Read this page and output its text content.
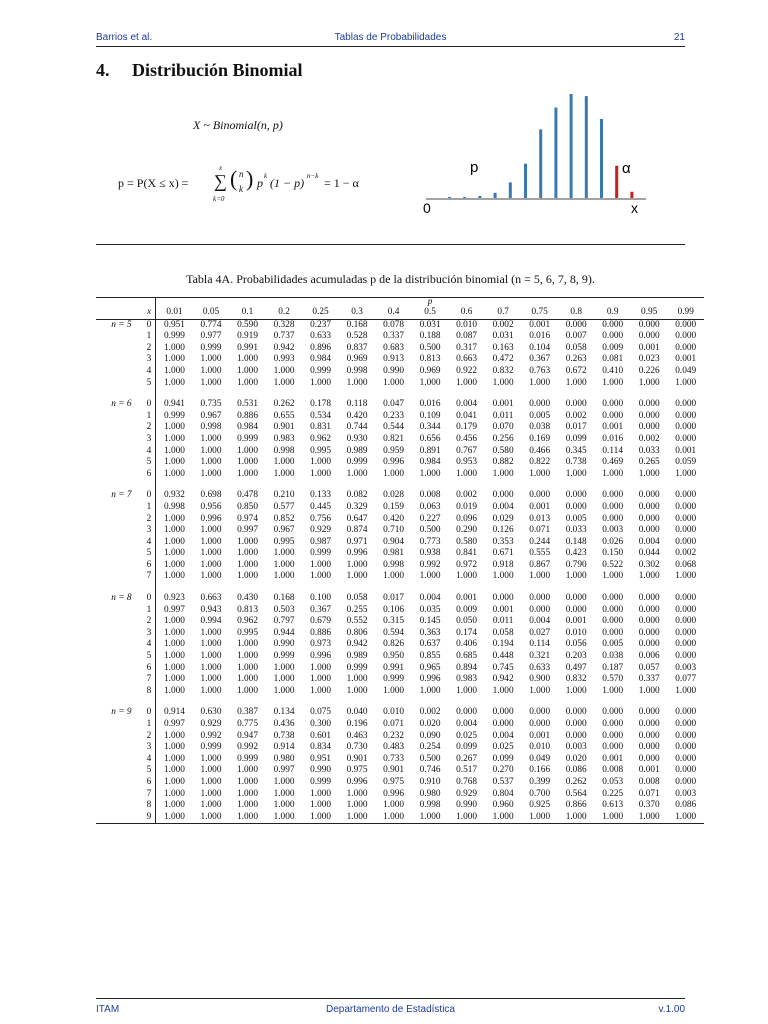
Barrios et al.	Tablas de Probabilidades	21
4. Distribución Binomial
X ~ Binomial(n, p)
p = P(X ≤ x) =
x
∑
k=0
( n
k ) p k (1 − p) n−k = 1 − α
p	α
0	x
Tabla 4A. Probabilidades acumuladas p de la distribución binomial (n = 5, 6, 7, 8, 9).
									p							
	x	0.01	0.05	0.1	0.2	0.25	0.3	0.4	0.5	0.6	0.7	0.75	0.8	0.9	0.95	0.99
n = 5	0	0.951	0.774	0.590	0.328	0.237	0.168	0.078	0.031	0.010	0.002	0.001	0.000	0.000	0.000	0.000
	1	0.999	0.977	0.919	0.737	0.633	0.528	0.337	0.188	0.087	0.031	0.016	0.007	0.000	0.000	0.000
	2	1.000	0.999	0.991	0.942	0.896	0.837	0.683	0.500	0.317	0.163	0.104	0.058	0.009	0.001	0.000
	3	1.000	1.000	1.000	0.993	0.984	0.969	0.913	0.813	0.663	0.472	0.367	0.263	0.081	0.023	0.001
	4	1.000	1.000	1.000	1.000	0.999	0.998	0.990	0.969	0.922	0.832	0.763	0.672	0.410	0.226	0.049
	5	1.000	1.000	1.000	1.000	1.000	1.000	1.000	1.000	1.000	1.000	1.000	1.000	1.000	1.000	1.000

n = 6	0	0.941	0.735	0.531	0.262	0.178	0.118	0.047	0.016	0.004	0.001	0.000	0.000	0.000	0.000	0.000
	1	0.999	0.967	0.886	0.655	0.534	0.420	0.233	0.109	0.041	0.011	0.005	0.002	0.000	0.000	0.000
	2	1.000	0.998	0.984	0.901	0.831	0.744	0.544	0.344	0.179	0.070	0.038	0.017	0.001	0.000	0.000
	3	1.000	1.000	0.999	0.983	0.962	0.930	0.821	0.656	0.456	0.256	0.169	0.099	0.016	0.002	0.000
	4	1.000	1.000	1.000	0.998	0.995	0.989	0.959	0.891	0.767	0.580	0.466	0.345	0.114	0.033	0.001
	5	1.000	1.000	1.000	1.000	1.000	0.999	0.996	0.984	0.953	0.882	0.822	0.738	0.469	0.265	0.059
	6	1.000	1.000	1.000	1.000	1.000	1.000	1.000	1.000	1.000	1.000	1.000	1.000	1.000	1.000	1.000

n = 7	0	0.932	0.698	0.478	0.210	0.133	0.082	0.028	0.008	0.002	0.000	0.000	0.000	0.000	0.000	0.000
	1	0.998	0.956	0.850	0.577	0.445	0.329	0.159	0.063	0.019	0.004	0.001	0.000	0.000	0.000	0.000
	2	1.000	0.996	0.974	0.852	0.756	0.647	0.420	0.227	0.096	0.029	0.013	0.005	0.000	0.000	0.000
	3	1.000	1.000	0.997	0.967	0.929	0.874	0.710	0.500	0.290	0.126	0.071	0.033	0.003	0.000	0.000
	4	1.000	1.000	1.000	0.995	0.987	0.971	0.904	0.773	0.580	0.353	0.244	0.148	0.026	0.004	0.000
	5	1.000	1.000	1.000	1.000	0.999	0.996	0.981	0.938	0.841	0.671	0.555	0.423	0.150	0.044	0.002
	6	1.000	1.000	1.000	1.000	1.000	1.000	0.998	0.992	0.972	0.918	0.867	0.790	0.522	0.302	0.068
	7	1.000	1.000	1.000	1.000	1.000	1.000	1.000	1.000	1.000	1.000	1.000	1.000	1.000	1.000	1.000

n = 8	0	0.923	0.663	0.430	0.168	0.100	0.058	0.017	0.004	0.001	0.000	0.000	0.000	0.000	0.000	0.000
	1	0.997	0.943	0.813	0.503	0.367	0.255	0.106	0.035	0.009	0.001	0.000	0.000	0.000	0.000	0.000
	2	1.000	0.994	0.962	0.797	0.679	0.552	0.315	0.145	0.050	0.011	0.004	0.001	0.000	0.000	0.000
	3	1.000	1.000	0.995	0.944	0.886	0.806	0.594	0.363	0.174	0.058	0.027	0.010	0.000	0.000	0.000
	4	1.000	1.000	1.000	0.990	0.973	0.942	0.826	0.637	0.406	0.194	0.114	0.056	0.005	0.000	0.000
	5	1.000	1.000	1.000	0.999	0.996	0.989	0.950	0.855	0.685	0.448	0.321	0.203	0.038	0.006	0.000
	6	1.000	1.000	1.000	1.000	1.000	0.999	0.991	0.965	0.894	0.745	0.633	0.497	0.187	0.057	0.003
	7	1.000	1.000	1.000	1.000	1.000	1.000	0.999	0.996	0.983	0.942	0.900	0.832	0.570	0.337	0.077
	8	1.000	1.000	1.000	1.000	1.000	1.000	1.000	1.000	1.000	1.000	1.000	1.000	1.000	1.000	1.000

n = 9	0	0.914	0.630	0.387	0.134	0.075	0.040	0.010	0.002	0.000	0.000	0.000	0.000	0.000	0.000	0.000
	1	0.997	0.929	0.775	0.436	0.300	0.196	0.071	0.020	0.004	0.000	0.000	0.000	0.000	0.000	0.000
	2	1.000	0.992	0.947	0.738	0.601	0.463	0.232	0.090	0.025	0.004	0.001	0.000	0.000	0.000	0.000
	3	1.000	0.999	0.992	0.914	0.834	0.730	0.483	0.254	0.099	0.025	0.010	0.003	0.000	0.000	0.000
	4	1.000	1.000	0.999	0.980	0.951	0.901	0.733	0.500	0.267	0.099	0.049	0.020	0.001	0.000	0.000
	5	1.000	1.000	1.000	0.997	0.990	0.975	0.901	0.746	0.517	0.270	0.166	0.086	0.008	0.001	0.000
	6	1.000	1.000	1.000	1.000	0.999	0.996	0.975	0.910	0.768	0.537	0.399	0.262	0.053	0.008	0.000
	7	1.000	1.000	1.000	1.000	1.000	1.000	0.996	0.980	0.929	0.804	0.700	0.564	0.225	0.071	0.003
	8	1.000	1.000	1.000	1.000	1.000	1.000	1.000	0.998	0.990	0.960	0.925	0.866	0.613	0.370	0.086
	9	1.000	1.000	1.000	1.000	1.000	1.000	1.000	1.000	1.000	1.000	1.000	1.000	1.000	1.000	1.000
ITAM	Departamento de Estadística	v.1.00
